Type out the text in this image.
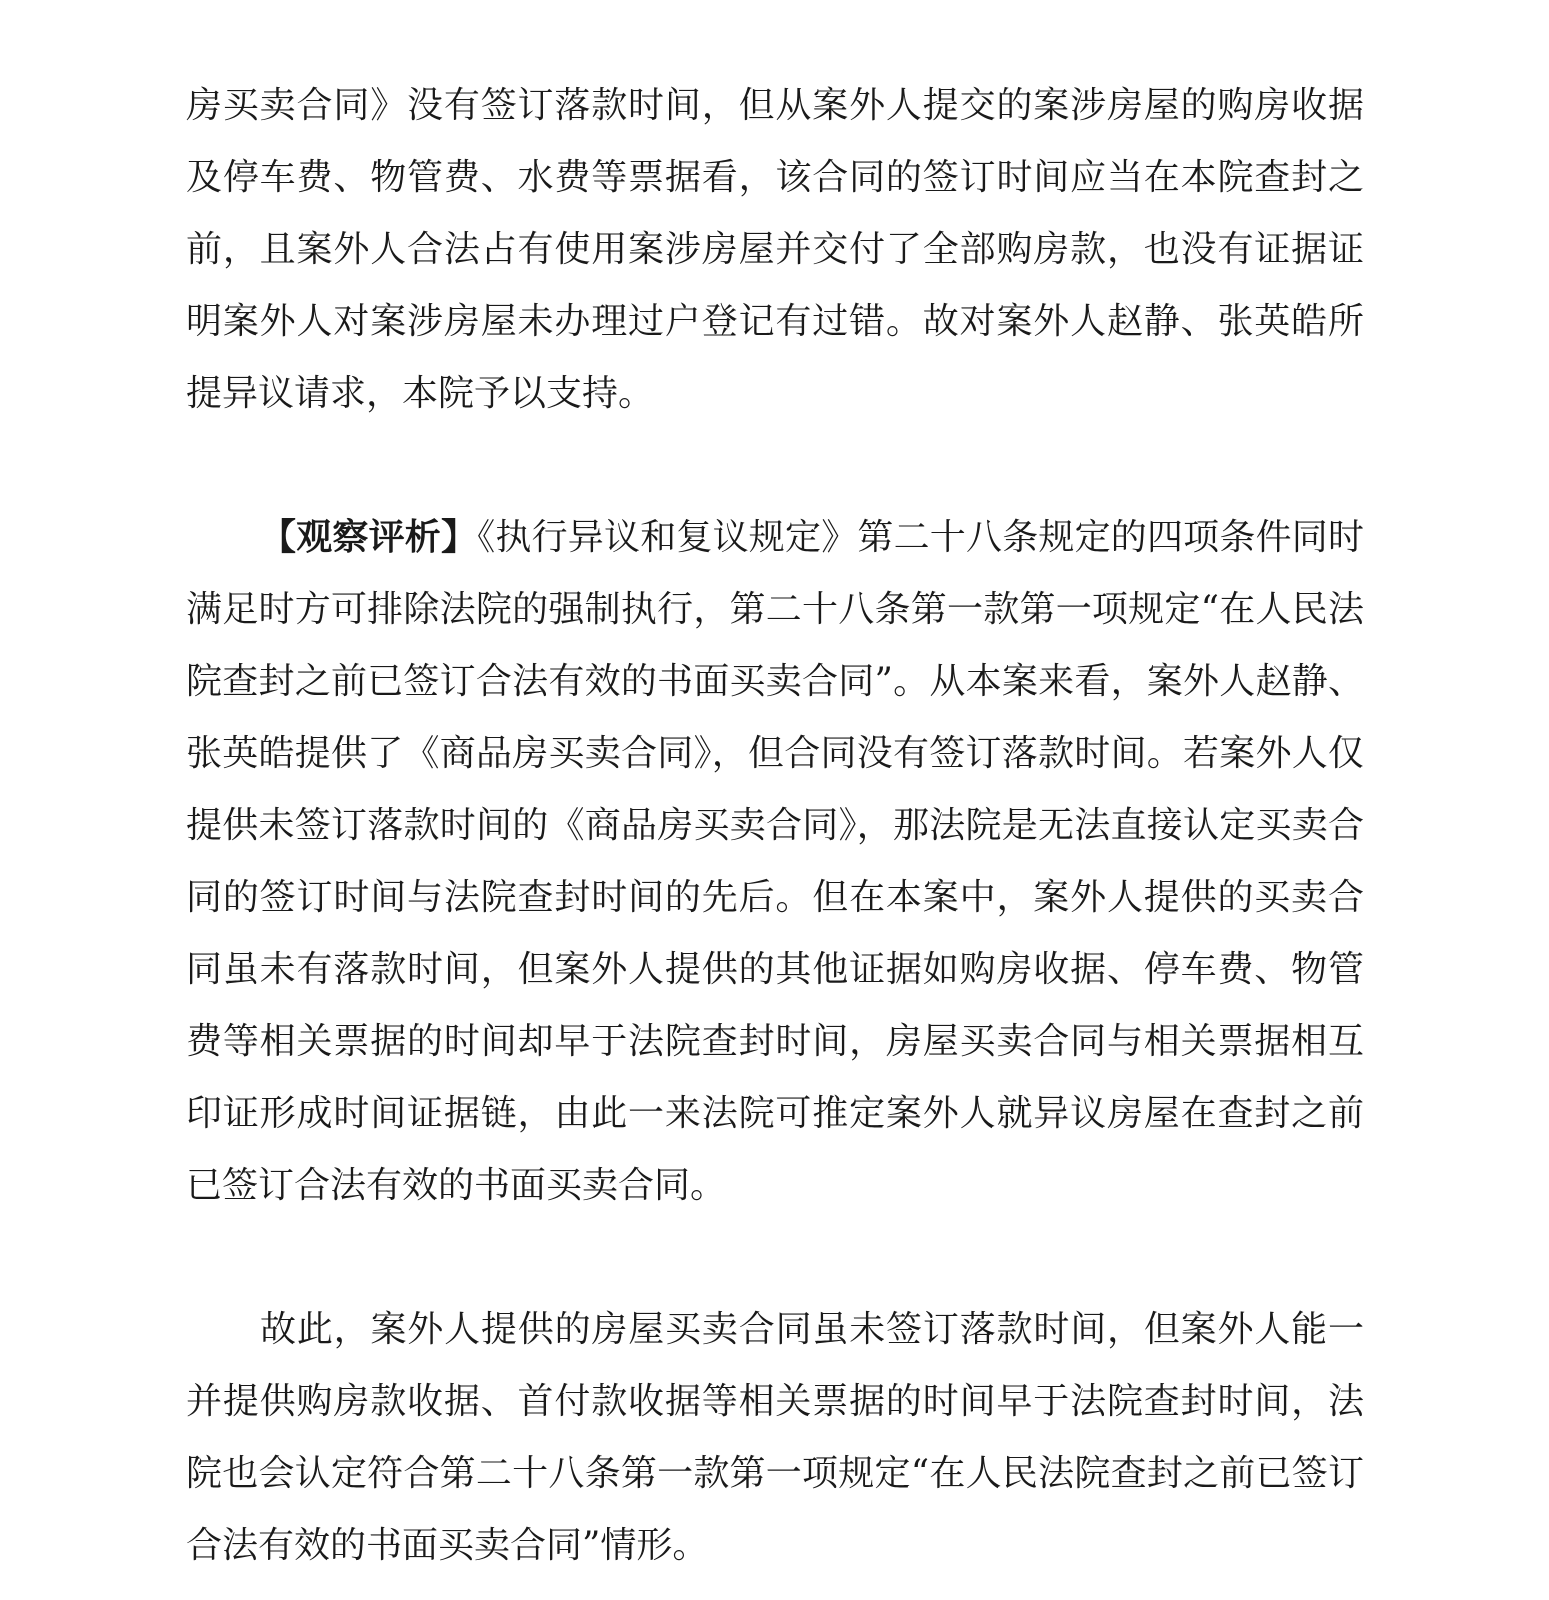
房买卖合同》没有签订落款时间，但从案外人提交的案涉房屋的购房收据及停车费、物管费、水费等票据看，该合同的签订时间应当在本院查封之前，且案外人合法占有使用案涉房屋并交付了全部购房款，也没有证据证明案外人对案涉房屋未办理过户登记有过错。故对案外人赵静、张英皓所提异议请求，本院予以支持。

【观察评析】《执行异议和复议规定》第二十八条规定的四项条件同时满足时方可排除法院的强制执行，第二十八条第一款第一项规定“在人民法院查封之前已签订合法有效的书面买卖合同”。从本案来看，案外人赵静、张英皓提供了《商品房买卖合同》，但合同没有签订落款时间。若案外人仅提供未签订落款时间的《商品房买卖合同》，那法院是无法直接认定买卖合同的签订时间与法院查封时间的先后。但在本案中，案外人提供的买卖合同虽未有落款时间，但案外人提供的其他证据如购房收据、停车费、物管费等相关票据的时间却早于法院查封时间，房屋买卖合同与相关票据相互印证形成时间证据链，由此一来法院可推定案外人就异议房屋在查封之前已签订合法有效的书面买卖合同。

故此，案外人提供的房屋买卖合同虽未签订落款时间，但案外人能一并提供购房款收据、首付款收据等相关票据的时间早于法院查封时间，法院也会认定符合第二十八条第一款第一项规定“在人民法院查封之前已签订合法有效的书面买卖合同”情形。
